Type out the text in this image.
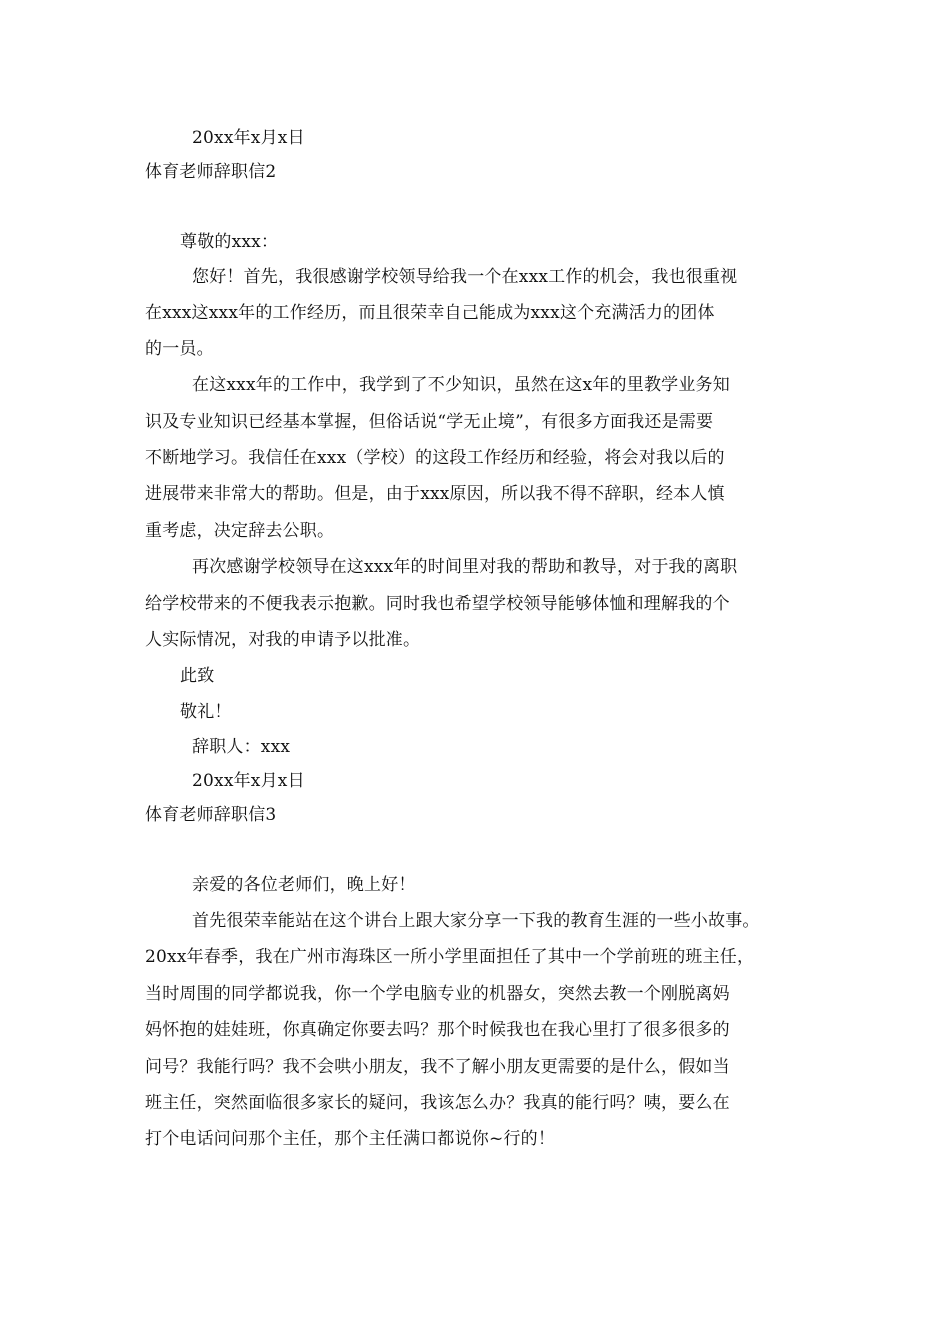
20xx年x月x日
体育老师辞职信2
尊敬的xxx：
您好！首先，我很感谢学校领导给我一个在xxx工作的机会，我也很重视
在xxx这xxx年的工作经历，而且很荣幸自己能成为xxx这个充满活力的团体
的一员。
在这xxx年的工作中，我学到了不少知识，虽然在这x年的里教学业务知
识及专业知识已经基本掌握，但俗话说“学无止境”，有很多方面我还是需要
不断地学习。我信任在xxx（学校）的这段工作经历和经验，将会对我以后的
进展带来非常大的帮助。但是，由于xxx原因，所以我不得不辞职，经本人慎
重考虑，决定辞去公职。
再次感谢学校领导在这xxx年的时间里对我的帮助和教导，对于我的离职
给学校带来的不便我表示抱歉。同时我也希望学校领导能够体恤和理解我的个
人实际情况，对我的申请予以批准。
此致
敬礼！
辞职人：xxx
20xx年x月x日
体育老师辞职信3
亲爱的各位老师们，晚上好！
首先很荣幸能站在这个讲台上跟大家分享一下我的教育生涯的一些小故事。
20xx年春季，我在广州市海珠区一所小学里面担任了其中一个学前班的班主任，
当时周围的同学都说我，你一个学电脑专业的机器女，突然去教一个刚脱离妈
妈怀抱的娃娃班，你真确定你要去吗？那个时候我也在我心里打了很多很多的
问号？我能行吗？我不会哄小朋友，我不了解小朋友更需要的是什么，假如当
班主任，突然面临很多家长的疑问，我该怎么办？我真的能行吗？咦，要么在
打个电话问问那个主任，那个主任满口都说你~行的！
